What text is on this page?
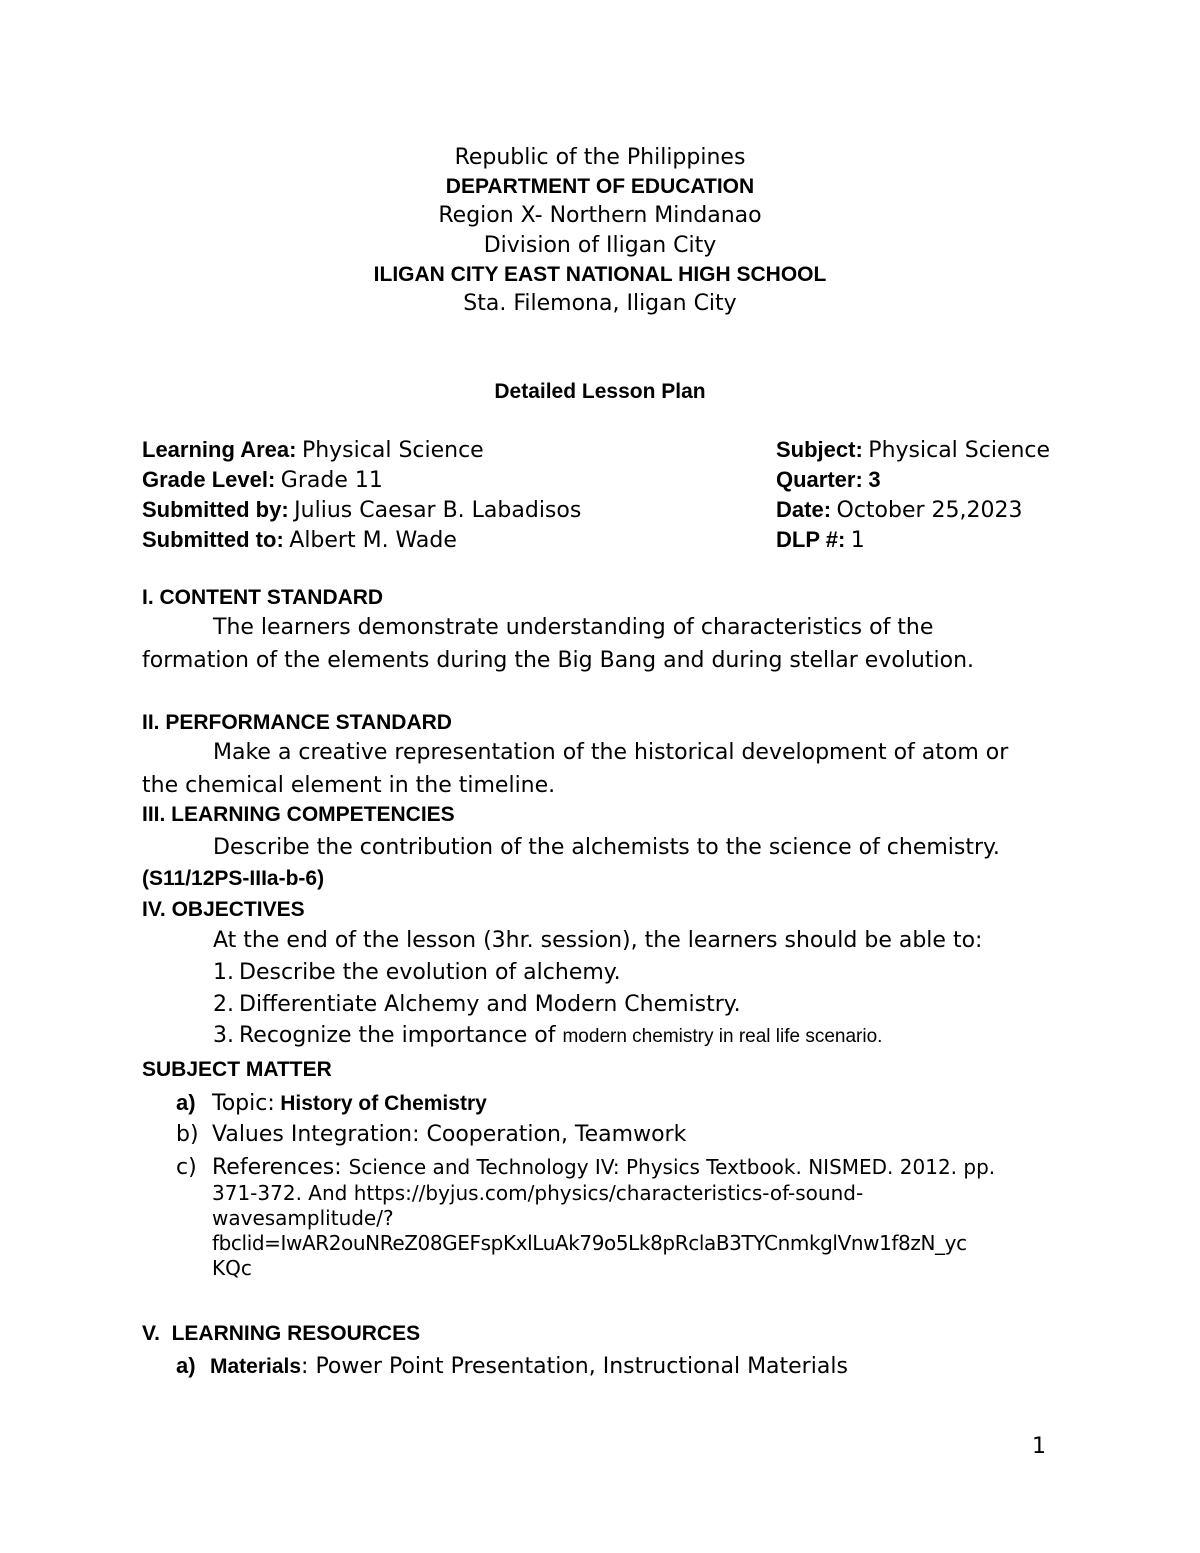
Republic of the Philippines
DEPARTMENT OF EDUCATION
Region X- Northern Mindanao
Division of Iligan City
ILIGAN CITY EAST NATIONAL HIGH SCHOOL
Sta. Filemona, Iligan City
Detailed Lesson Plan
Learning Area: Physical Science
Grade Level: Grade 11
Submitted by: Julius Caesar B. Labadisos
Submitted to: Albert M. Wade
Subject: Physical Science
Quarter: 3
Date: October 25,2023
DLP #: 1
I. CONTENT STANDARD
The learners demonstrate understanding of characteristics of the
formation of the elements during the Big Bang and during stellar evolution.
II. PERFORMANCE STANDARD
Make a creative representation of the historical development of atom or
the chemical element in the timeline.
III. LEARNING COMPETENCIES
Describe the contribution of the alchemists to the science of chemistry.
(S11/12PS-IIIa-b-6)
IV. OBJECTIVES
At the end of the lesson (3hr. session), the learners should be able to:
1. Describe the evolution of alchemy.
2. Differentiate Alchemy and Modern Chemistry.
3. Recognize the importance of modern chemistry in real life scenario.
SUBJECT MATTER
a) Topic: History of Chemistry
b) Values Integration: Cooperation, Teamwork
c) References: Science and Technology IV: Physics Textbook. NISMED. 2012. pp.
371-372. And https://byjus.com/physics/characteristics-of-sound-
wavesamplitude/?
fbclid=IwAR2ouNReZ08GEFspKxlLuAk79o5Lk8pRclaB3TYCnmkglVnw1f8zN_yc
KQc
V.  LEARNING RESOURCES
a) Materials: Power Point Presentation, Instructional Materials
1
